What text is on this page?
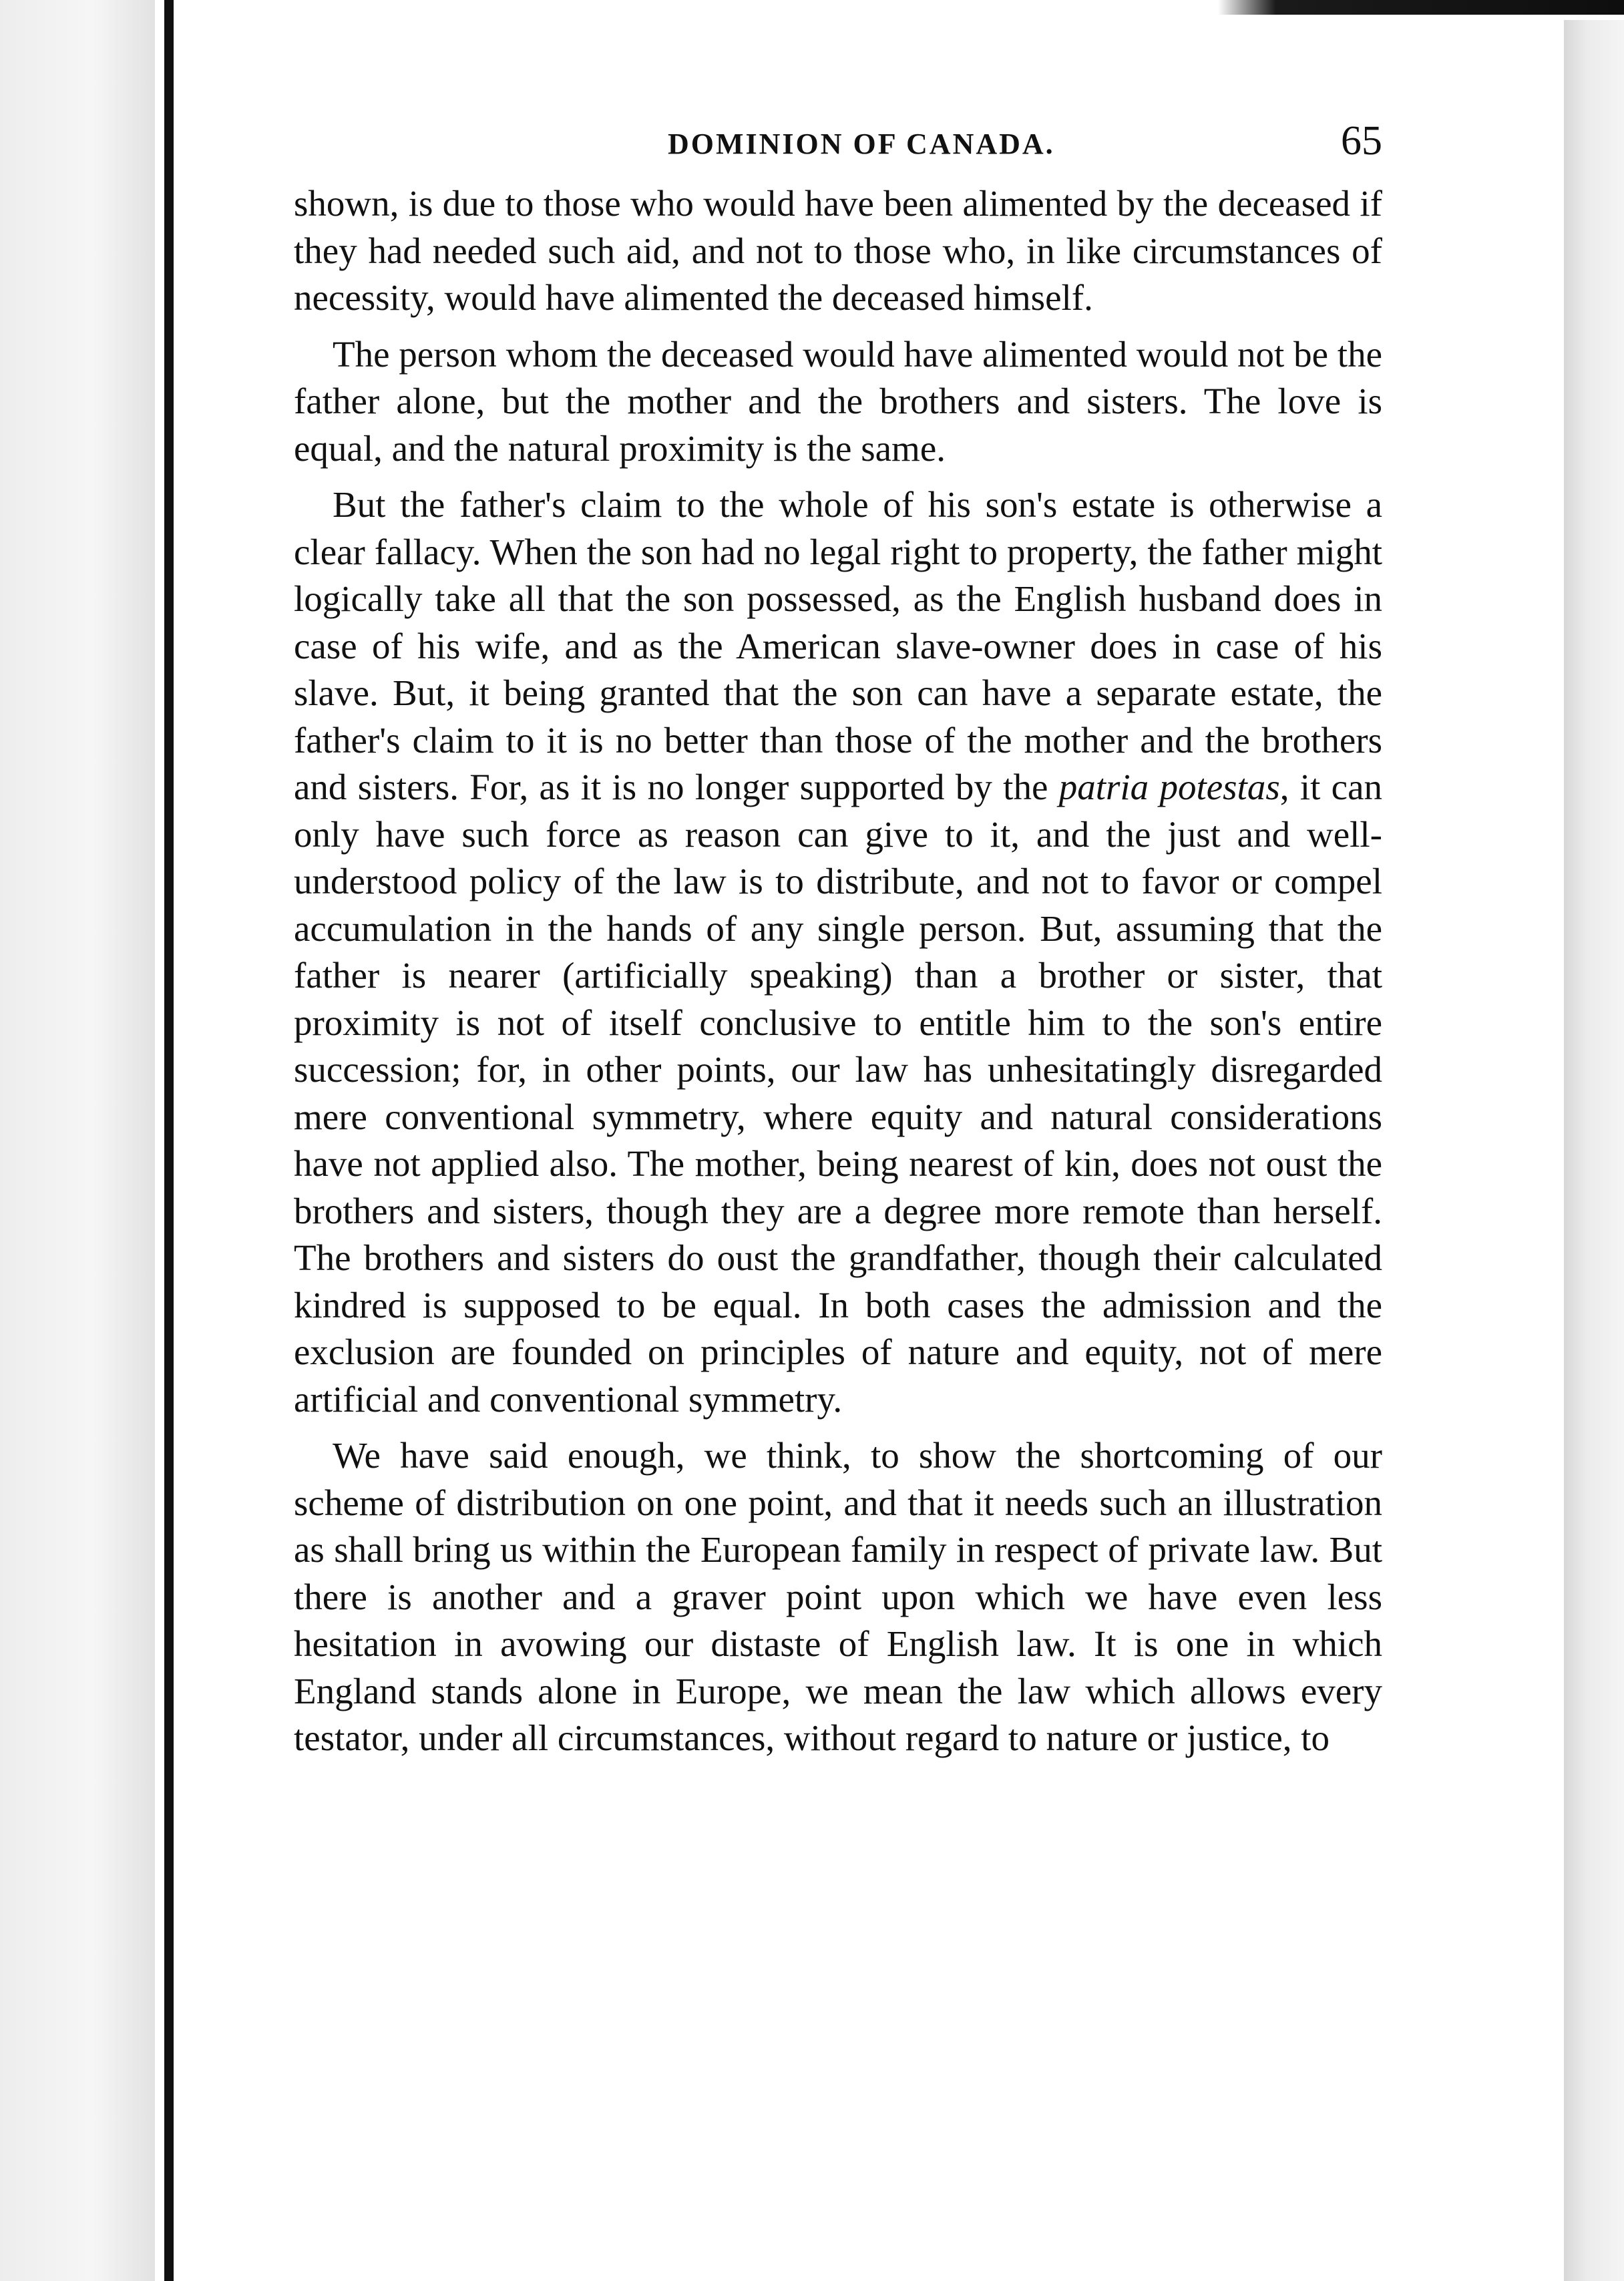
DOMINION OF CANADA.	65

shown, is due to those who would have been alimented by the deceased if they had needed such aid, and not to those who, in like circumstances of necessity, would have alimented the deceased himself.

The person whom the deceased would have alimented would not be the father alone, but the mother and the brothers and sisters. The love is equal, and the natural proximity is the same.

But the father's claim to the whole of his son's estate is otherwise a clear fallacy. When the son had no legal right to property, the father might logically take all that the son possessed, as the English husband does in case of his wife, and as the American slave-owner does in case of his slave. But, it being granted that the son can have a separate estate, the father's claim to it is no better than those of the mother and the brothers and sisters. For, as it is no longer supported by the patria potestas, it can only have such force as reason can give to it, and the just and well-understood policy of the law is to distribute, and not to favor or compel accumulation in the hands of any single person. But, assuming that the father is nearer (artificially speaking) than a brother or sister, that proximity is not of itself conclusive to entitle him to the son's entire succession; for, in other points, our law has unhesitatingly disregarded mere conventional symmetry, where equity and natural considerations have not applied also. The mother, being nearest of kin, does not oust the brothers and sisters, though they are a degree more remote than herself. The brothers and sisters do oust the grandfather, though their calculated kindred is supposed to be equal. In both cases the admission and the exclusion are founded on principles of nature and equity, not of mere artificial and conventional symmetry.

We have said enough, we think, to show the shortcoming of our scheme of distribution on one point, and that it needs such an illustration as shall bring us within the European family in respect of private law. But there is another and a graver point upon which we have even less hesitation in avowing our distaste of English law. It is one in which England stands alone in Europe, we mean the law which allows every testator, under all circumstances, without regard to nature or justice, to
